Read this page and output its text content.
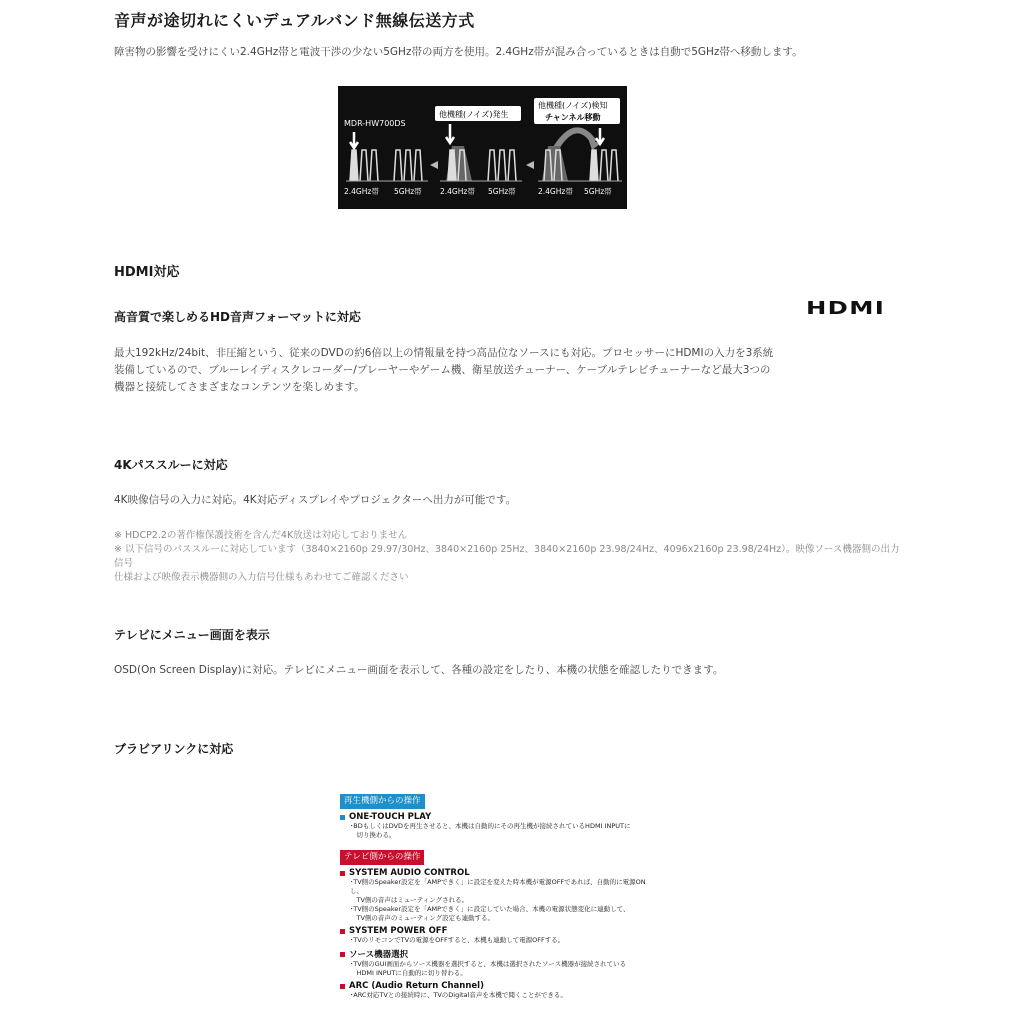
音声が途切れにくいデュアルバンド無線伝送方式
障害物の影響を受けにくい2.4GHz帯と電波干渉の少ない5GHz帯の両方を使用。2.4GHz帯が混み合っているときは自動で5GHz帯へ移動します。
MDR-HW700DS
2.4GHz帯 5GHz帯
他機種(ノイズ)発生
2.4GHz帯 5GHz帯
他機種(ノイズ)検知
チャンネル移動
2.4GHz帯 5GHz帯
HDMI対応
HDMI
高音質で楽しめるHD音声フォーマットに対応
最大192kHz/24bit、非圧縮という、従来のDVDの約6倍以上の情報量を持つ高品位なソースにも対応。プロセッサーにHDMIの入力を3系統
装備しているので、ブルーレイディスクレコーダー/プレーヤーやゲーム機、衛星放送チューナー、ケーブルテレビチューナーなど最大3つの
機器と接続してさまざまなコンテンツを楽しめます。
4Kパススルーに対応
4K映像信号の入力に対応。4K対応ディスプレイやプロジェクターへ出力が可能です。
※ HDCP2.2の著作権保護技術を含んだ4K放送は対応しておりません
※ 以下信号のパススルーに対応しています（3840×2160p 29.97/30Hz、3840×2160p 25Hz、3840×2160p 23.98/24Hz、4096x2160p 23.98/24Hz）。映像ソース機器側の出力信号
仕様および映像表示機器側の入力信号仕様もあわせてご確認ください
テレビにメニュー画面を表示
OSD(On Screen Display)に対応。テレビにメニュー画面を表示して、各種の設定をしたり、本機の状態を確認したりできます。
ブラビアリンクに対応
再生機側からの操作
ONE-TOUCH PLAY
･BDもしくはDVDを再生させると、本機は自動的にその再生機が接続されているHDMI INPUTに
　切り換わる。
テレビ側からの操作
SYSTEM AUDIO CONTROL
･TV側のSpeaker設定を「AMPできく」に設定を変えた時本機が電源OFFであれば、自動的に電源ONし、
　TV側の音声はミューティングされる。
･TV側のSpeaker設定を「AMPできく」に設定していた場合、本機の電源状態変化に連動して、
　TV側の音声のミューティング設定も連動する。
SYSTEM POWER OFF
･TVのリモコンでTVの電源をOFFすると、本機も連動して電源OFFする。
ソース機器選択
･TV側のGUI画面からソース機器を選択すると、本機は選択されたソース機器が接続されている
　HDMI INPUTに自動的に切り替わる。
ARC (Audio Return Channel)
･ARC対応TVとの接続時に、TVのDigital音声を本機で聞くことができる。
